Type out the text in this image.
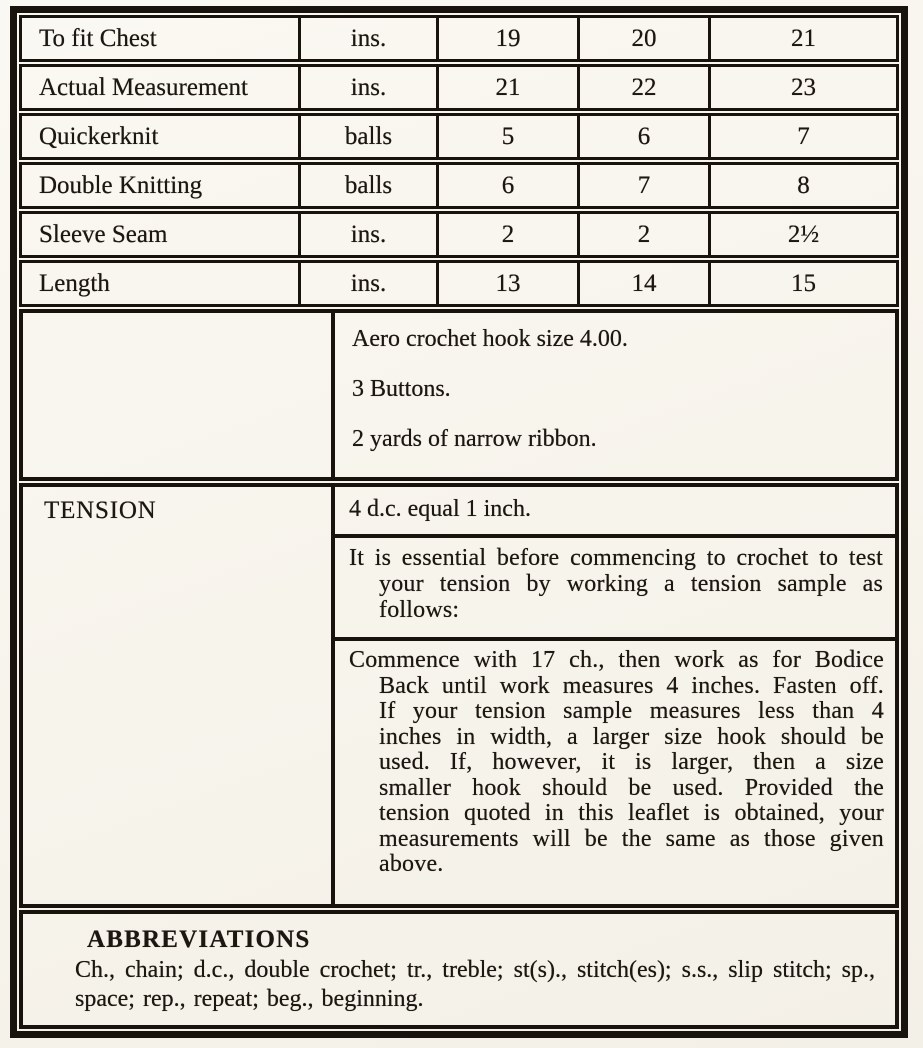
To fit Chest	ins.	19	20	21
Actual Measurement	ins.	21	22	23
Quickerknit	balls	5	6	7
Double Knitting	balls	6	7	8
Sleeve Seam	ins.	2	2	2½
Length	ins.	13	14	15

Aero crochet hook size 4.00.

3 Buttons.

2 yards of narrow ribbon.

TENSION	4 d.c. equal 1 inch.

It is essential before commencing to crochet to test your tension by working a tension sample as follows:

Commence with 17 ch., then work as for Bodice Back until work measures 4 inches. Fasten off. If your tension sample measures less than 4 inches in width, a larger size hook should be used. If, however, it is larger, then a size smaller hook should be used. Provided the tension quoted in this leaflet is obtained, your measurements will be the same as those given above.

ABBREVIATIONS

Ch., chain; d.c., double crochet; tr., treble; st(s)., stitch(es); s.s., slip stitch; sp., space; rep., repeat; beg., beginning.
